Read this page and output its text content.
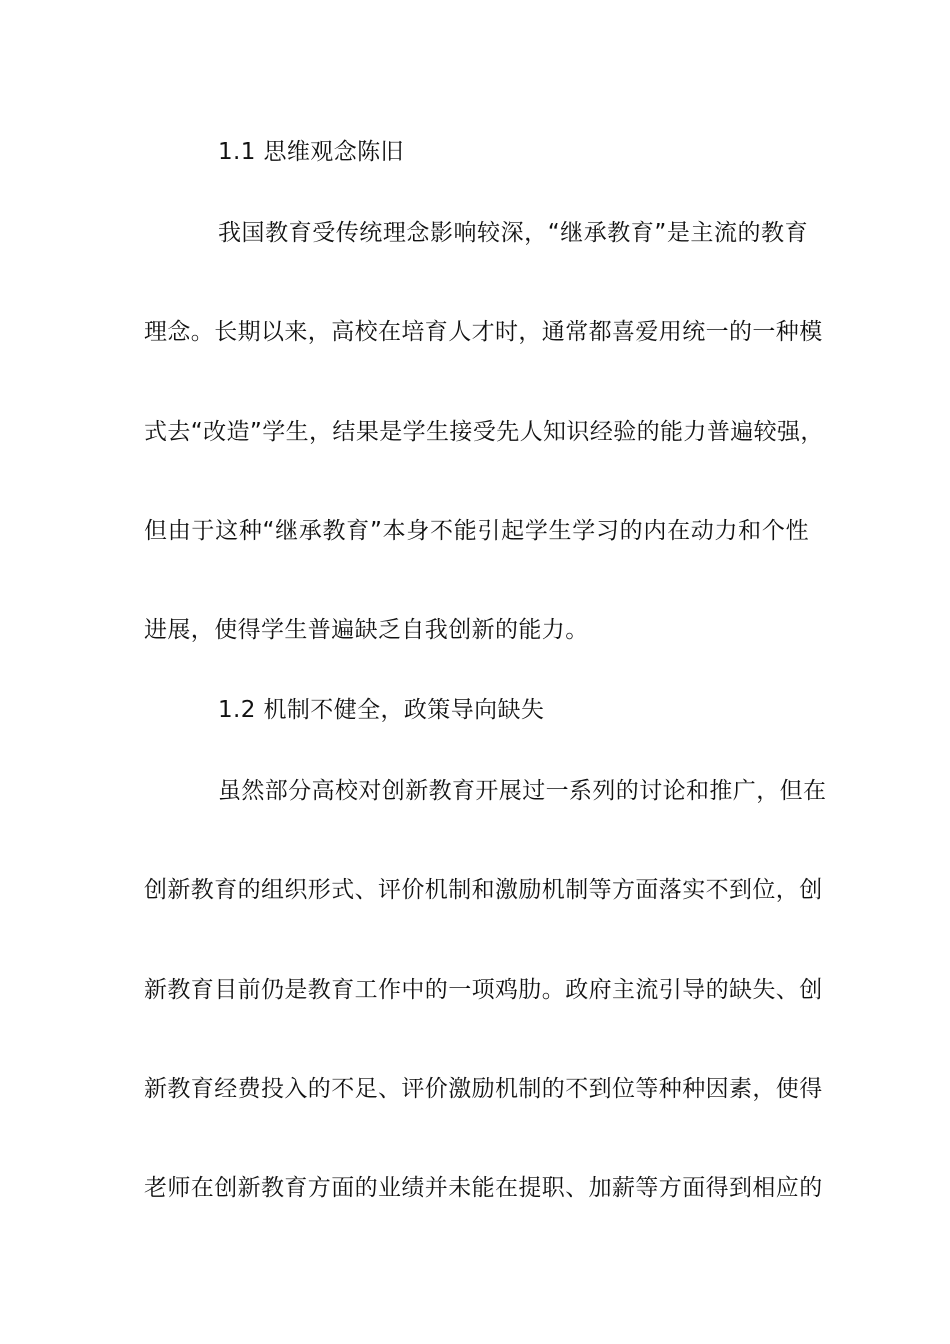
1.1 思维观念陈旧
我国教育受传统理念影响较深，“继承教育”是主流的教育
理念。长期以来，高校在培育人才时，通常都喜爱用统一的一种模
式去“改造”学生，结果是学生接受先人知识经验的能力普遍较强，
但由于这种“继承教育”本身不能引起学生学习的内在动力和个性
进展，使得学生普遍缺乏自我创新的能力。
1.2 机制不健全，政策导向缺失
虽然部分高校对创新教育开展过一系列的讨论和推广，但在
创新教育的组织形式、评价机制和激励机制等方面落实不到位，创
新教育目前仍是教育工作中的一项鸡肋。政府主流引导的缺失、创
新教育经费投入的不足、评价激励机制的不到位等种种因素，使得
老师在创新教育方面的业绩并未能在提职、加薪等方面得到相应的
